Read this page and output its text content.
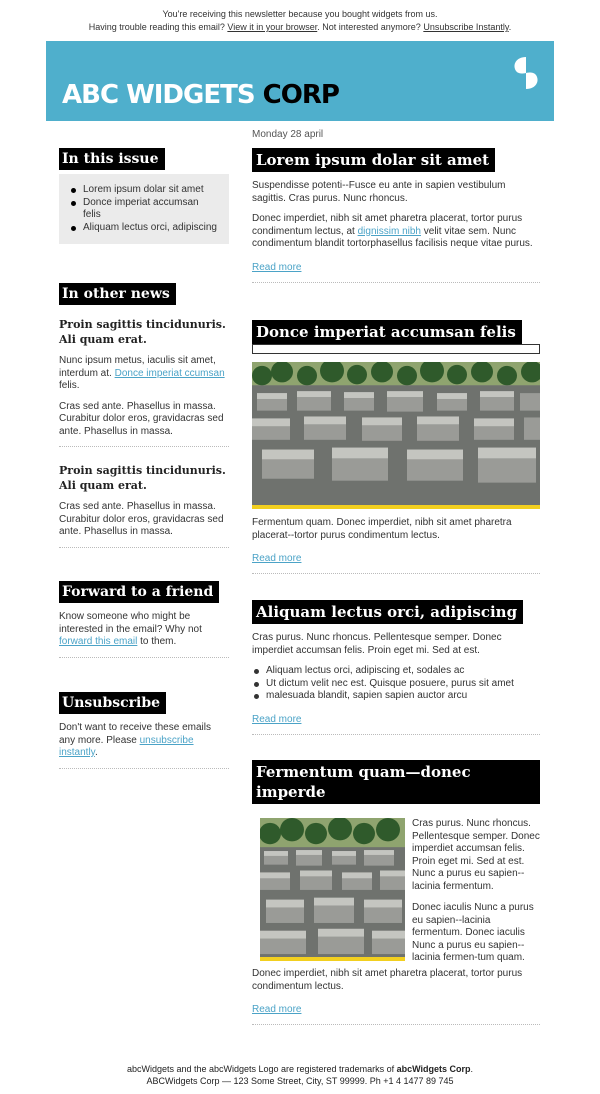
You're receiving this newsletter because you bought widgets from us.
Having trouble reading this email? View it in your browser. Not interested anymore? Unsubscribe Instantly.
ABC WIDGETS CORP
Monday 28 april
In this issue
Lorem ipsum dolar sit amet
Donce imperiat accumsan felis
Aliquam lectus orci, adipiscing
In other news
Proin sagittis tincidunuris. Ali quam erat.

Nunc ipsum metus, iaculis sit amet, interdum at. Donce imperiat ccumsan felis.

Cras sed ante. Phasellus in massa. Curabitur dolor eros, gravidacras sed ante. Phasellus in massa.

Proin sagittis tincidunuris. Ali quam erat.

Cras sed ante. Phasellus in massa. Curabitur dolor eros, gravidacras sed ante. Phasellus in massa.

Forward to a friend

Know someone who might be interested in the email? Why not forward this email to them.

Unsubscribe

Don't want to receive these emails any more. Please unsubscribe instantly.

Lorem ipsum dolar sit amet

Suspendisse potenti--Fusce eu ante in sapien vestibulum sagittis. Cras purus. Nunc rhoncus.

Donec imperdiet, nibh sit amet pharetra placerat, tortor purus condimentum lectus, at dignissim nibh velit vitae sem. Nunc condimentum blandit tortorphasellus facilisis neque vitae purus.

Read more
Donce imperiat accumsan felis

Fermentum quam. Donec imperdiet, nibh sit amet pharetra placerat--tortor purus condimentum lectus.

Read more
Aliquam lectus orci, adipiscing

Cras purus. Nunc rhoncus. Pellentesque semper. Donec imperdiet accumsan felis. Proin eget mi. Sed at est.

Aliquam lectus orci, adipiscing et, sodales ac
Ut dictum velit nec est. Quisque posuere, purus sit amet
malesuada blandit, sapien sapien auctor arcu
Read more
Fermentum quam—donec imperde

Cras purus. Nunc rhoncus. Pellentesque semper. Donec imperdiet accumsan felis. Proin eget mi. Sed at est. Nunc a purus eu sapien--lacinia fermentum.

Donec iaculis Nunc a purus eu sapien--lacinia fermentum. Donec iaculis Nunc a purus eu sapien--lacinia fermen-tum quam.

Donec imperdiet, nibh sit amet pharetra placerat, tortor purus condimentum lectus.

Read more
abcWidgets and the abcWidgets Logo are registered trademarks of abcWidgets Corp.
ABCWidgets Corp — 123 Some Street, City, ST 99999. Ph +1 4 1477 89 745
